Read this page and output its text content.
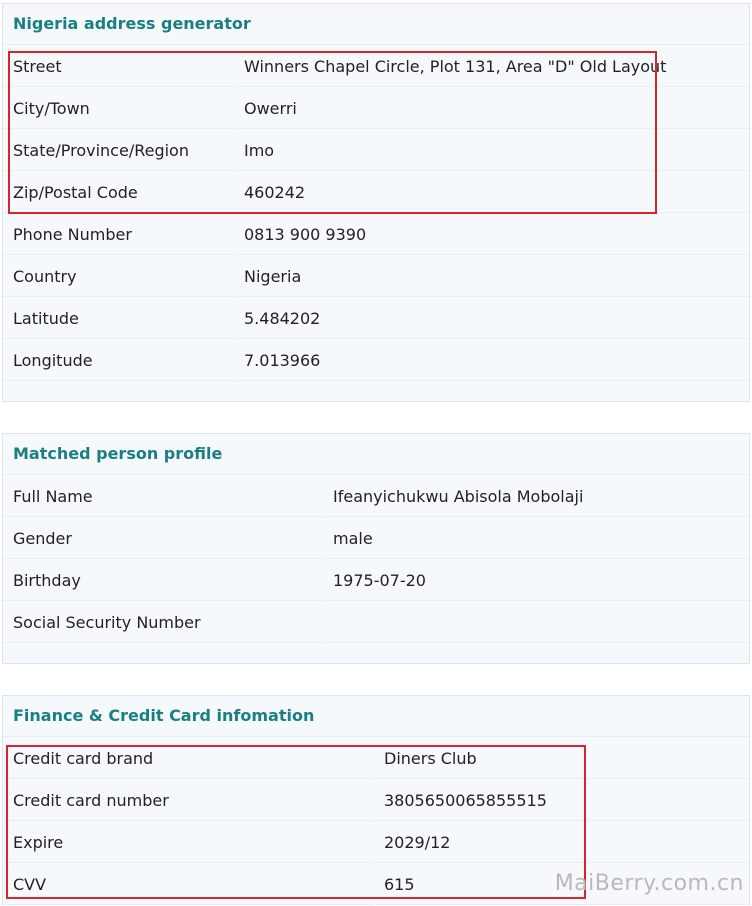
Nigeria address generator
Street	Winners Chapel Circle, Plot 131, Area "D" Old Layout
City/Town	Owerri
State/Province/Region	Imo
Zip/Postal Code	460242
Phone Number	0813 900 9390
Country	Nigeria
Latitude	5.484202
Longitude	7.013966
Matched person profile
Full Name	Ifeanyichukwu Abisola Mobolaji
Gender	male
Birthday	1975-07-20
Social Security Number
Finance & Credit Card infomation
Credit card brand	Diners Club
Credit card number	3805650065855515
Expire	2029/12
CVV	615	MaiBerry.com.cn
